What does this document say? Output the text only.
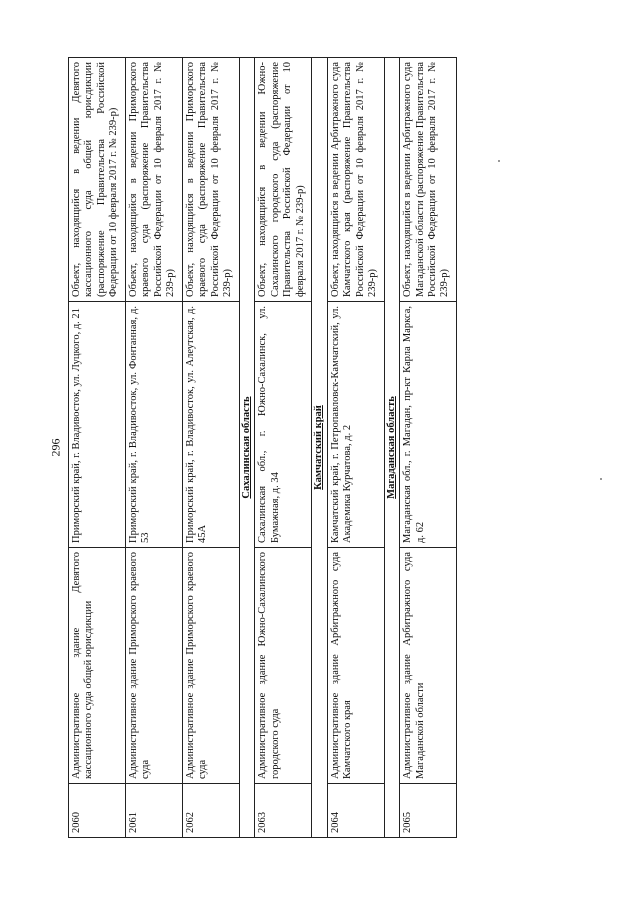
296
2060	Административное здание Девятого кассационного суда общей юрисдикции	Приморский край, г. Владивосток, ул. Луцкого, д. 21	Объект, находящийся в ведении Девятого кассационного суда общей юрисдикции (распоряжение Правительства Российской Федерации от 10 февраля 2017 г. № 239-р)
2061	Административное здание Приморского краевого суда	Приморский край, г. Владивосток, ул. Фонтанная, д. 53	Объект, находящийся в ведении Приморского краевого суда (распоряжение Правительства Российской Федерации от 10 февраля 2017 г. № 239-р)
2062	Административное здание Приморского краевого суда	Приморский край, г. Владивосток, ул. Алеутская, д. 45А	Объект, находящийся в ведении Приморского краевого суда (распоряжение Правительства Российской Федерации от 10 февраля 2017 г. № 239-р)
Сахалинская область			
2063	Административное здание Южно-Сахалинского городского суда	Сахалинская обл., г. Южно-Сахалинск, ул. Бумажная, д. 34	Объект, находящийся в ведении Южно-Сахалинского городского суда (распоряжение Правительства Российской Федерации от 10 февраля 2017 г. № 239-р)
Камчатский край			
2064	Административное здание Арбитражного суда Камчатского края	Камчатский край, г. Петропавловск-Камчатский, ул. Академика Курчатова, д. 2	Объект, находящийся в ведении Арбитражного суда Камчатского края (распоряжение Правительства Российской Федерации от 10 февраля 2017 г. № 239-р)
Магаданская область			
2065	Административное здание Арбитражного суда Магаданской области	Магаданская обл., г. Магадан, пр-кт Карла Маркса, д. 62	Объект, находящийся в ведении Арбитражного суда Магаданской области (распоряжение Правительства Российской Федерации от 10 февраля 2017 г. № 239-р)
